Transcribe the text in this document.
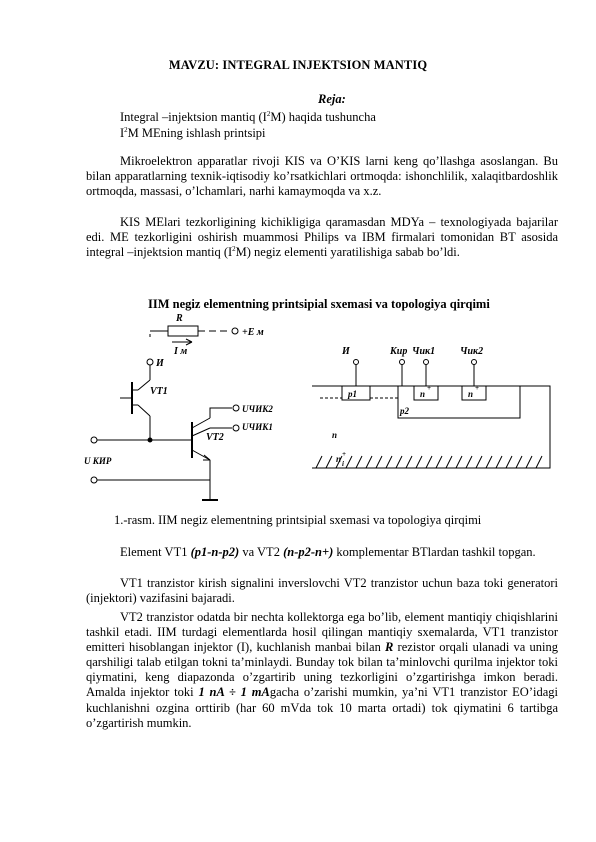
MAVZU: INTEGRAL INJEKTSION MANTIQ
Reja:
Integral –injektsion mantiq $(I^2M)$ haqida tushuncha
$I^2M$ MEning ishlash printsipi
Mikroelektron apparatlar rivoji KIS va O’KIS larni keng qo’llashga asoslangan. Bu bilan apparatlarning texnik-iqtisodiy ko’rsatkichlari ortmoqda: ishonchlilik, xalaqitbardoshlik ortmoqda, massasi, o’lchamlari, narhi kamaymoqda va x.z.
KIS MElari tezkorligining kichikligiga qaramasdan MDYa – texnologiyada bajarilar edi. ME tezkorligini oshirish muammosi Philips va IBM firmalari tomonidan BT asosida integral –injektsion mantiq $(I^2M)$ negiz elementi yaratilishiga sabab bo’ldi.
IIM negiz elementning printsipial sxemasi va topologiya qirqimi
R
+E м
I м
И
VT1
VT2
UЧИК2
UЧИК1
U КИР
И	Кир Чик1 Чик2
p1
p2
n
+
n
+
n
n +
i
1.-rasm. IIM negiz elementning printsipial sxemasi va topologiya qirqimi
Element VT1 (p1-n-p2) va VT2 (n-p2-n+) komplementar BTlardan tashkil topgan.
VT1 tranzistor kirish signalini inverslovchi VT2 tranzistor uchun baza toki generatori (injektori) vazifasini bajaradi.
VT2 tranzistor odatda bir nechta kollektorga ega bo’lib, element mantiqiy chiqishlarini tashkil etadi. IIM turdagi elementlarda hosil qilingan mantiqiy sxemalarda, VT1 tranzistor emitteri hisoblangan injektor (I), kuchlanish manbai bilan R rezistor orqali ulanadi va uning qarshiligi talab etilgan tokni ta’minlaydi. Bunday tok bilan ta’minlovchi qurilma injektor toki qiymatini, keng diapazonda o’zgartirib uning tezkorligini o’zgartirishga imkon beradi. Amalda injektor toki 1 nA ÷ 1 mAgacha o’zarishi mumkin, ya’ni VT1 tranzistor EO’idagi kuchlanishni ozgina orttirib (har 60 mVda tok 10 marta ortadi) tok qiymatini 6 tartibga o’zgartirish mumkin.
